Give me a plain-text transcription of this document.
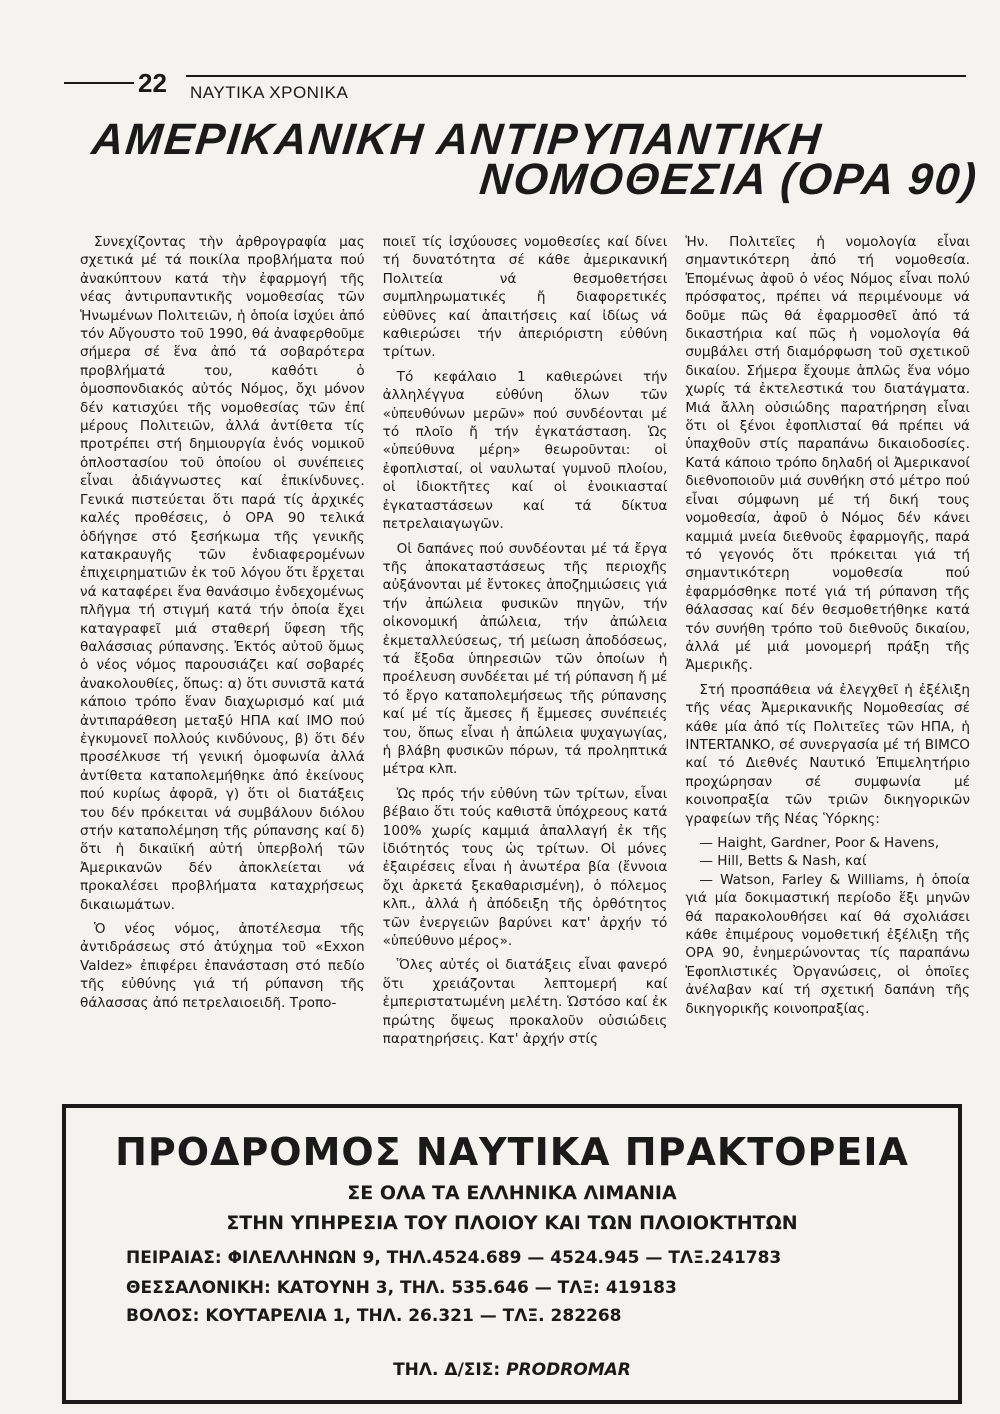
22 ΝΑΥΤΙΚΑ ΧΡΟΝΙΚΑ
ΑΜΕΡΙΚΑΝΙΚΗ ΑΝΤΙΡΥΠΑΝΤΙΚΗ
ΝΟΜΟΘΕΣΙΑ (ΟΡΑ 90)

Συνεχίζοντας τὴν ἀρθρογραφία μας σχετικά μέ τά ποικίλα προβλήματα πού ἀνακύπτουν κατά τὴν ἐφαρμογή τῆς νέας ἀντιρυπαντικῆς νομοθεσίας τῶν Ἡνωμένων Πολιτειῶν, ἡ ὁποία ἰσχύει ἀπό τόν Αὔγουστο τοῦ 1990, θά ἀναφερθοῦμε σήμερα σέ ἕνα ἀπό τά σοβαρότερα προβλήματά του, καθότι ὁ ὁμοσπονδιακός αὐτός Νόμος, ὄχι μόνον δέν κατισχύει τῆς νομοθεσίας τῶν ἐπί μέρους Πολιτειῶν, ἀλλά ἀντίθετα τίς προτρέπει στή δημιουργία ἑνός νομικοῦ ὁπλοστασίου τοῦ ὁποίου οἱ συνέπειες εἶναι ἀδιάγνωστες καί ἐπικίνδυνες. Γενικά πιστεύεται ὅτι παρά τίς ἀρχικές καλές προθέσεις, ὁ ΟΡΑ 90 τελικά ὁδήγησε στό ξεσήκωμα τῆς γενικῆς κατακραυγῆς τῶν ἐνδιαφερομένων ἐπιχειρηματιῶν ἐκ τοῦ λόγου ὅτι ἔρχεται νά καταφέρει ἕνα θανάσιμο ἐνδεχομένως πλῆγμα τή στιγμή κατά τήν ὁποία ἔχει καταγραφεῖ μιά σταθερή ὕφεση τῆς θαλάσσιας ρύπανσης. Ἐκτός αὐτοῦ ὅμως ὁ νέος νόμος παρουσιάζει καί σοβαρές ἀνακολουθίες, ὅπως: α) ὅτι συνιστᾶ κατά κάποιο τρόπο ἕναν διαχωρισμό καί μιά ἀντιπαράθεση μεταξύ ΗΠΑ καί ΙΜΟ πού ἐγκυμονεῖ πολλούς κινδύνους, β) ὅτι δέν προσέλκυσε τή γενική ὁμοφωνία ἀλλά ἀντίθετα καταπολεμήθηκε ἀπό ἐκείνους πού κυρίως ἀφορᾶ, γ) ὅτι οἱ διατάξεις του δέν πρόκειται νά συμβάλουν διόλου στήν καταπολέμηση τῆς ρύπανσης καί δ) ὅτι ἡ δικαιϊκή αὐτή ὑπερβολή τῶν Ἀμερικανῶν δέν ἀποκλείεται νά προκαλέσει προβλήματα καταχρήσεως δικαιωμάτων.

Ὁ νέος νόμος, ἀποτέλεσμα τῆς ἀντιδράσεως στό ἀτύχημα τοῦ «Exxon Valdez» ἐπιφέρει ἐπανάσταση στό πεδίο τῆς εὐθύνης γιά τή ρύπανση τῆς θάλασσας ἀπό πετρελαιοειδῆ. Τροπο-

ποιεῖ τίς ἰσχύουσες νομοθεσίες καί δίνει τή δυνατότητα σέ κάθε ἀμερικανική Πολιτεία νά θεσμοθετήσει συμπληρωματικές ἤ διαφορετικές εὐθῦνες καί ἀπαιτήσεις καί ἰδίως νά καθιερώσει τήν ἀπεριόριστη εὐθύνη τρίτων.

Τό κεφάλαιο 1 καθιερώνει τήν ἀλληλέγγυα εὐθύνη ὅλων τῶν «ὑπευθύνων μερῶν» πού συνδέονται μέ τό πλοῖο ἤ τήν ἐγκατάσταση. Ὡς «ὑπεύθυνα μέρη» θεωροῦνται: οἱ ἐφοπλισταί, οἱ ναυλωταί γυμνοῦ πλοίου, οἱ ἰδιοκτῆτες καί οἱ ἐνοικιασταί ἐγκαταστάσεων καί τά δίκτυα πετρελαιαγωγῶν.

Οἱ δαπάνες πού συνδέονται μέ τά ἔργα τῆς ἀποκαταστάσεως τῆς περιοχῆς αὐξάνονται μέ ἔντοκες ἀποζημιώσεις γιά τήν ἀπώλεια φυσικῶν πηγῶν, τήν οἰκονομική ἀπώλεια, τήν ἀπώλεια ἐκμεταλλεύσεως, τή μείωση ἀποδόσεως, τά ἔξοδα ὑπηρεσιῶν τῶν ὁποίων ἡ προέλευση συνδέεται μέ τή ρύπανση ἤ μέ τό ἔργο καταπολεμήσεως τῆς ρύπανσης καί μέ τίς ἄμεσες ἤ ἔμμεσες συνέπειές του, ὅπως εἶναι ἡ ἀπώλεια ψυχαγωγίας, ἡ βλάβη φυσικῶν πόρων, τά προληπτικά μέτρα κλπ.

Ὡς πρός τήν εὐθύνη τῶν τρίτων, εἶναι βέβαιο ὅτι τούς καθιστᾶ ὑπόχρεους κατά 100% χωρίς καμμιά ἀπαλλαγή ἐκ τῆς ἰδιότητός τους ὡς τρίτων. Οἱ μόνες ἐξαιρέσεις εἶναι ἡ ἀνωτέρα βία (ἔννοια ὄχι ἀρκετά ξεκαθαρισμένη), ὁ πόλεμος κλπ., ἀλλά ἡ ἀπόδειξη τῆς ὀρθότητος τῶν ἐνεργειῶν βαρύνει κατ' ἀρχήν τό «ὑπεύθυνο μέρος».

Ὅλες αὐτές οἱ διατάξεις εἶναι φανερό ὅτι χρειάζονται λεπτομερή καί ἐμπεριστατωμένη μελέτη. Ὡστόσο καί ἐκ πρώτης ὄψεως προκαλοῦν οὐσιώδεις παρατηρήσεις. Κατ' ἀρχήν στίς

Ἡν. Πολιτεῖες ἡ νομολογία εἶναι σημαντικότερη ἀπό τή νομοθεσία. Ἐπομένως ἀφοῦ ὁ νέος Νόμος εἶναι πολύ πρόσφατος, πρέπει νά περιμένουμε νά δοῦμε πῶς θά ἐφαρμοσθεῖ ἀπό τά δικαστήρια καί πῶς ἡ νομολογία θά συμβάλει στή διαμόρφωση τοῦ σχετικοῦ δικαίου. Σήμερα ἔχουμε ἁπλῶς ἕνα νόμο χωρίς τά ἐκτελεστικά του διατάγματα. Μιά ἄλλη οὐσιώδης παρατήρηση εἶναι ὅτι οἱ ξένοι ἐφοπλισταί θά πρέπει νά ὑπαχθοῦν στίς παραπάνω δικαιοδοσίες. Κατά κάποιο τρόπο δηλαδή οἱ Ἀμερικανοί διεθνοποιοῦν μιά συνθήκη στό μέτρο πού εἶναι σύμφωνη μέ τή δική τους νομοθεσία, ἀφοῦ ὁ Νόμος δέν κάνει καμμιά μνεία διεθνοῦς ἐφαρμογῆς, παρά τό γεγονός ὅτι πρόκειται γιά τή σημαντικότερη νομοθεσία πού ἐφαρμόσθηκε ποτέ γιά τή ρύπανση τῆς θάλασσας καί δέν θεσμοθετήθηκε κατά τόν συνήθη τρόπο τοῦ διεθνοῦς δικαίου, ἀλλά μέ μιά μονομερή πράξη τῆς Ἀμερικῆς.

Στή προσπάθεια νά ἐλεγχθεῖ ἡ ἐξέλιξη τῆς νέας Ἀμερικανικῆς Νομοθεσίας σέ κάθε μία ἀπό τίς Πολιτεῖες τῶν ΗΠΑ, ἡ INTERTANKO, σέ συνεργασία μέ τή BIMCO καί τό Διεθνές Ναυτικό Ἐπιμελητήριο προχώρησαν σέ συμφωνία μέ κοινοπραξία τῶν τριῶν δικηγορικῶν γραφείων τῆς Νέας Ὑόρκης:

— Haight, Gardner, Poor & Havens,

— Hill, Betts & Nash, καί

— Watson, Farley & Williams, ἡ ὁποία γιά μία δοκιμαστική περίοδο ἕξι μηνῶν θά παρακολουθήσει καί θά σχολιάσει κάθε ἐπιμέρους νομοθετική ἐξέλιξη τῆς ΟΡΑ 90, ἐνημερώνοντας τίς παραπάνω Ἐφοπλιστικές Ὀργανώσεις, οἱ ὁποῖες ἀνέλαβαν καί τή σχετική δαπάνη τῆς δικηγορικῆς κοινοπραξίας.

ΠΡΟΔΡΟΜΟΣ ΝΑΥΤΙΚΑ ΠΡΑΚΤΟΡΕΙΑ
ΣΕ ΟΛΑ ΤΑ ΕΛΛΗΝΙΚΑ ΛΙΜΑΝΙΑ
ΣΤΗΝ ΥΠΗΡΕΣΙΑ ΤΟΥ ΠΛΟΙΟΥ ΚΑΙ ΤΩΝ ΠΛΟΙΟΚΤΗΤΩΝ
ΠΕΙΡΑΙΑΣ: ΦΙΛΕΛΛΗΝΩΝ 9, ΤΗΛ.4524.689 — 4524.945 — ΤΛΞ.241783
ΘΕΣΣΑΛΟΝΙΚΗ: ΚΑΤΟΥΝΗ 3, ΤΗΛ. 535.646 — ΤΛΞ: 419183
ΒΟΛΟΣ: ΚΟΥΤΑΡΕΛΙΑ 1, ΤΗΛ. 26.321 — ΤΛΞ. 282268
ΤΗΛ. Δ/ΣΙΣ: PRODROMAR
